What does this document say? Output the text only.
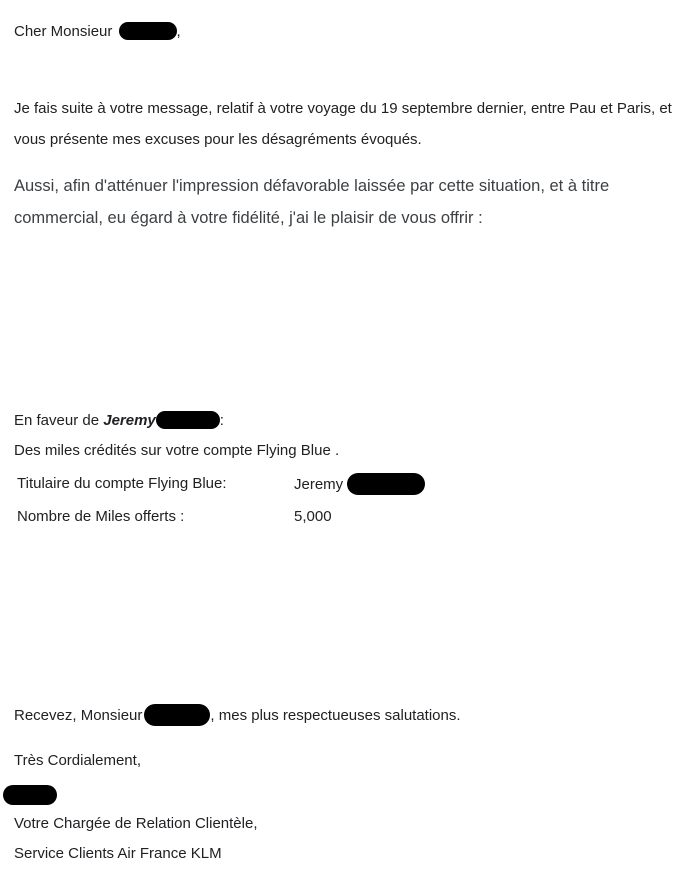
Cher Monsieur	,
Je fais suite à votre message, relatif à votre voyage du 19 septembre dernier, entre Pau et Paris, et
vous présente mes excuses pour les désagréments évoqués.
Aussi, afin d'atténuer l'impression défavorable laissée par cette situation, et à titre
commercial, eu égard à votre fidélité, j'ai le plaisir de vous offrir :
En faveur de Jeremy	:
Des miles crédités sur votre compte Flying Blue .
Titulaire du compte Flying Blue:	Jeremy
Nombre de Miles offerts :	5,000
Recevez, Monsieur	, mes plus respectueuses salutations.
Très Cordialement,
Votre Chargée de Relation Clientèle,
Service Clients Air France KLM
